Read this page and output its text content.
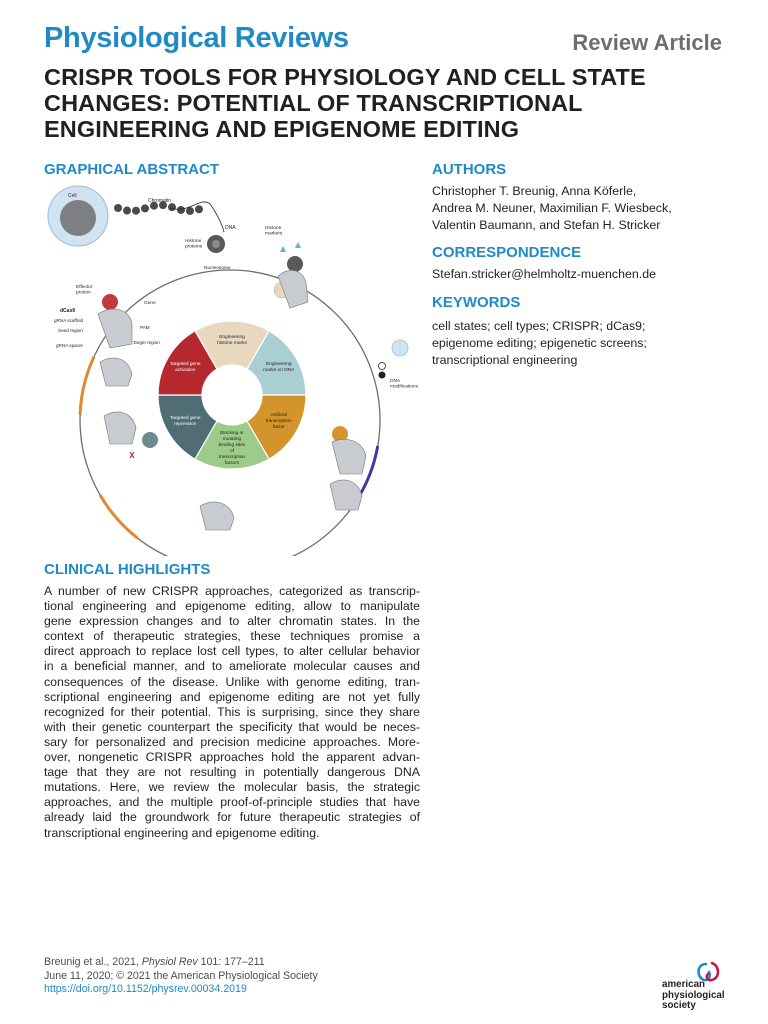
Physiological Reviews	Review Article
CRISPR TOOLS FOR PHYSIOLOGY AND CELL STATE
CHANGES: POTENTIAL OF TRANSCRIPTIONAL
ENGINEERING AND EPIGENOME EDITING
GRAPHICAL ABSTRACT
Engineering histone marks
Engineering marks on DNA
Artificial transcription factor
Blocking or mutating binding sites of transcription factors
Targeted gene repression
Targeted gene activation
Cell
Chromatin
DNA
Histone proteins
Nucleosome
Histone markers
Effector protein
Gene
dCas9
gRNA scaffold
Seed region
PAM
gRNA spacer
Target region
DNA modifications
AUTHORS
Christopher T. Breunig, Anna Köferle,
Andrea M. Neuner, Maximilian F. Wiesbeck,
Valentin Baumann, and Stefan H. Stricker
CORRESPONDENCE
Stefan.stricker@helmholtz-muenchen.de
KEYWORDS
cell states; cell types; CRISPR; dCas9;
epigenome editing; epigenetic screens;
transcriptional engineering
CLINICAL HIGHLIGHTS
A number of new CRISPR approaches, categorized as transcrip-
tional engineering and epigenome editing, allow to manipulate
gene expression changes and to alter chromatin states. In the
context of therapeutic strategies, these techniques promise a
direct approach to replace lost cell types, to alter cellular behavior
in a beneficial manner, and to ameliorate molecular causes and
consequences of the disease. Unlike with genome editing, tran-
scriptional engineering and epigenome editing are not yet fully
recognized for their potential. This is surprising, since they share
with their genetic counterpart the specificity that would be neces-
sary for personalized and precision medicine approaches. More-
over, nongenetic CRISPR approaches hold the apparent advan-
tage that they are not resulting in potentially dangerous DNA
mutations. Here, we review the molecular basis, the strategic
approaches, and the multiple proof-of-principle studies that have
already laid the groundwork for future therapeutic strategies of
transcriptional engineering and epigenome editing.
Breunig et al., 2021, Physiol Rev 101: 177–211
June 11, 2020; © 2021 the American Physiological Society
https://doi.org/10.1152/physrev.00034.2019	american
physiological
society
